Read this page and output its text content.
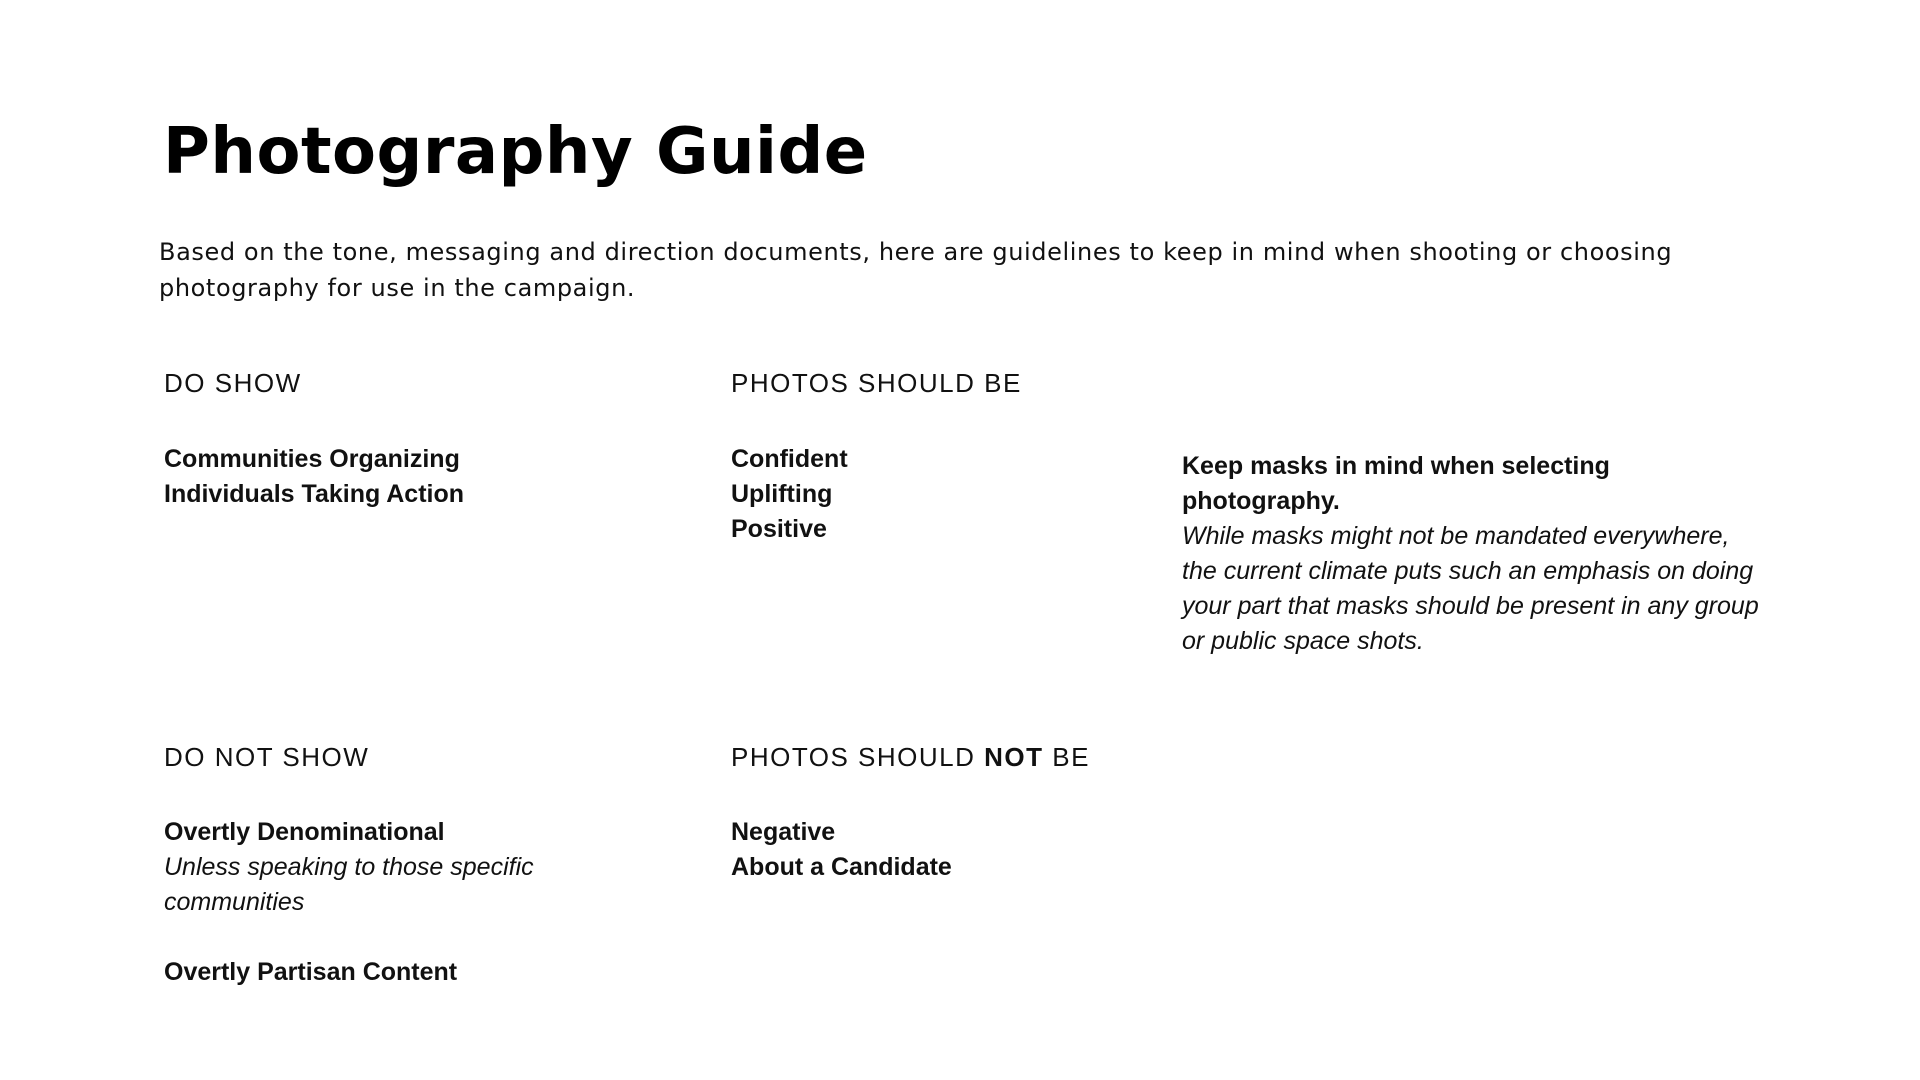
Photography Guide

Based on the tone, messaging and direction documents, here are guidelines to keep in mind when shooting or choosing photography for use in the campaign.

DO SHOW
Communities Organizing
Individuals Taking Action
PHOTOS SHOULD BE
Confident
Uplifting
Positive
Keep masks in mind when selecting photography.
While masks might not be mandated everywhere, the current climate puts such an emphasis on doing your part that masks should be present in any group or public space shots.
DO NOT SHOW
Overtly Denominational
Unless speaking to those specific communities
Overtly Partisan Content
PHOTOS SHOULD NOT BE
Negative
About a Candidate
